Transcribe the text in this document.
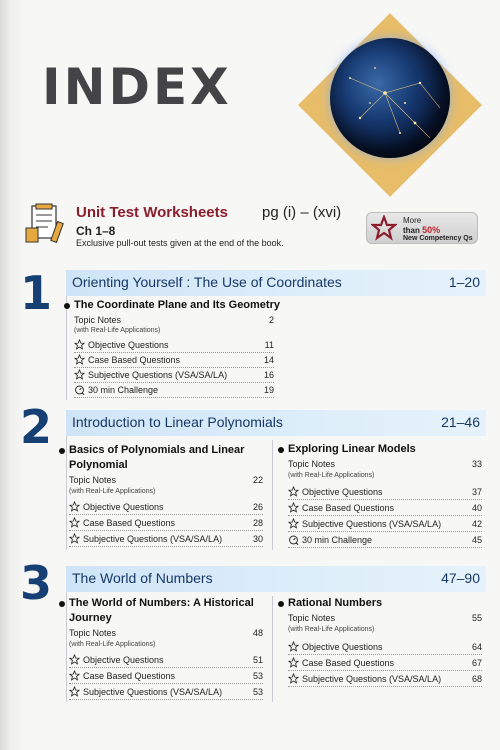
INDEX
Unit Test Worksheets pg (i) – (xvi)
Ch 1–8
Exclusive pull-out tests given at the end of the book.
More
than 50%
New Competency Qs
1 Orienting Yourself : The Use of Coordinates	1–20
The Coordinate Plane and Its Geometry
Topic Notes	2
(with Real-Life Applications)
Objective Questions	11
Case Based Questions	14
Subjective Questions (VSA/SA/LA)	16
30 min Challenge	19
2 Introduction to Linear Polynomials	21–46
Basics of Polynomials and Linear
Polynomial
Topic Notes	22
(with Real-Life Applications)
Objective Questions	26
Case Based Questions	28
Subjective Questions (VSA/SA/LA)	30
Exploring Linear Models
Topic Notes	33
(with Real-Life Applications)
Objective Questions	37
Case Based Questions	40
Subjective Questions (VSA/SA/LA)	42
30 min Challenge	45
3 The World of Numbers	47–90
The World of Numbers: A Historical
Journey
Topic Notes	48
(with Real-Life Applications)
Objective Questions	51
Case Based Questions	53
Subjective Questions (VSA/SA/LA)	53
Rational Numbers
Topic Notes	55
(with Real-Life Applications)
Objective Questions	64
Case Based Questions	67
Subjective Questions (VSA/SA/LA)	68
